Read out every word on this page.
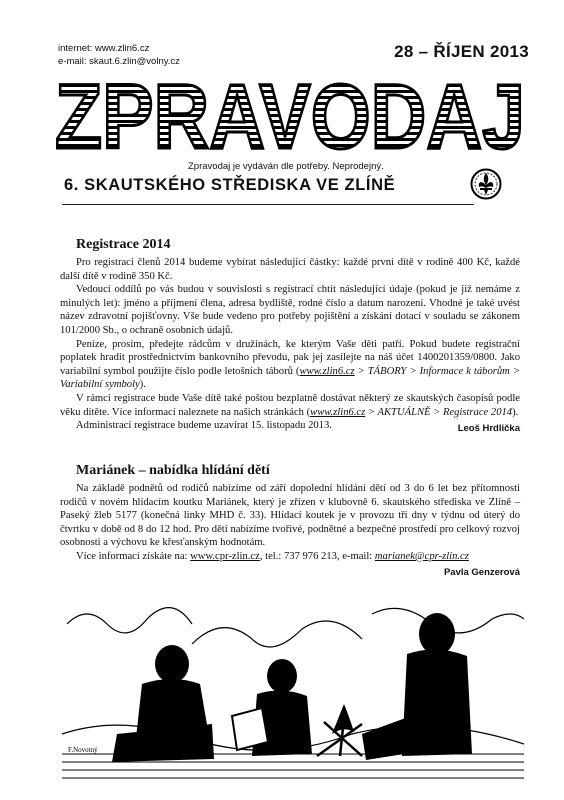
internet: www.zlin6.cz
e-mail: skaut.6.zlin@volny.cz
28 – ŘÍJEN 2013
ZPRAVODAJ
Zpravodaj je vydáván dle potřeby. Neprodejný.
6. SKAUTSKÉHO STŘEDISKA VE ZLÍNĚ
Registrace 2014

Pro registraci členů 2014 budeme vybírat následující částky: každé první dítě v rodině 400 Kč, každé další dítě v rodině 350 Kč.

Vedoucí oddílů po vás budou v souvislosti s registrací chtít následující údaje (pokud je již nemáme z minulých let): jméno a příjmení člena, adresa bydliště, rodné číslo a datum narození. Vhodné je také uvést název zdravotní pojišťovny. Vše bude vedeno pro potřeby pojištění a získání dotací v souladu se zákonem 101/2000 Sb., o ochraně osobních údajů.

Peníze, prosím, předejte rádcům v družinách, ke kterým Vaše děti patří. Pokud budete registrační poplatek hradit prostřednictvím bankovního převodu, pak jej zasílejte na náš účet 1400201359/0800. Jako variabilní symbol použijte číslo podle letošních táborů (www.zlin6.cz > TÁBORY > Informace k táborům > Variabilní symboly).

V rámci registrace bude Vaše dítě také poštou bezplatně dostávat některý ze skautských časopisů podle věku dítěte. Více informací naleznete na našich stránkách (www.zlin6.cz > AKTUÁLNĚ > Registrace 2014).

Administrací registrace budeme uzavírat 15. listopadu 2013.	Leoš Hrdlička
Mariánek – nabídka hlídání dětí

Na základě podnětů od rodičů nabízíme od září dopolední hlídání dětí od 3 do 6 let bez přítomnosti rodičů v novém hlídacím koutku Mariánek, který je zřízen v klubovně 6. skautského střediska ve Zlíně – Paseký žleb 5177 (konečná linky MHD č. 33). Hlídací koutek je v provozu tři dny v týdnu od úterý do čtvrtku v době od 8 do 12 hod. Pro děti nabízíme tvořivé, podnětné a bezpečné prostředí pro celkový rozvoj osobnosti a výchovu ke křesťanským hodnotám.

Více informací získáte na: www.cpr-zlin.cz, tel.: 737 976 213, e-mail: marianek@cpr-zlin.cz

Pavla Genzerová
F.Novotný
